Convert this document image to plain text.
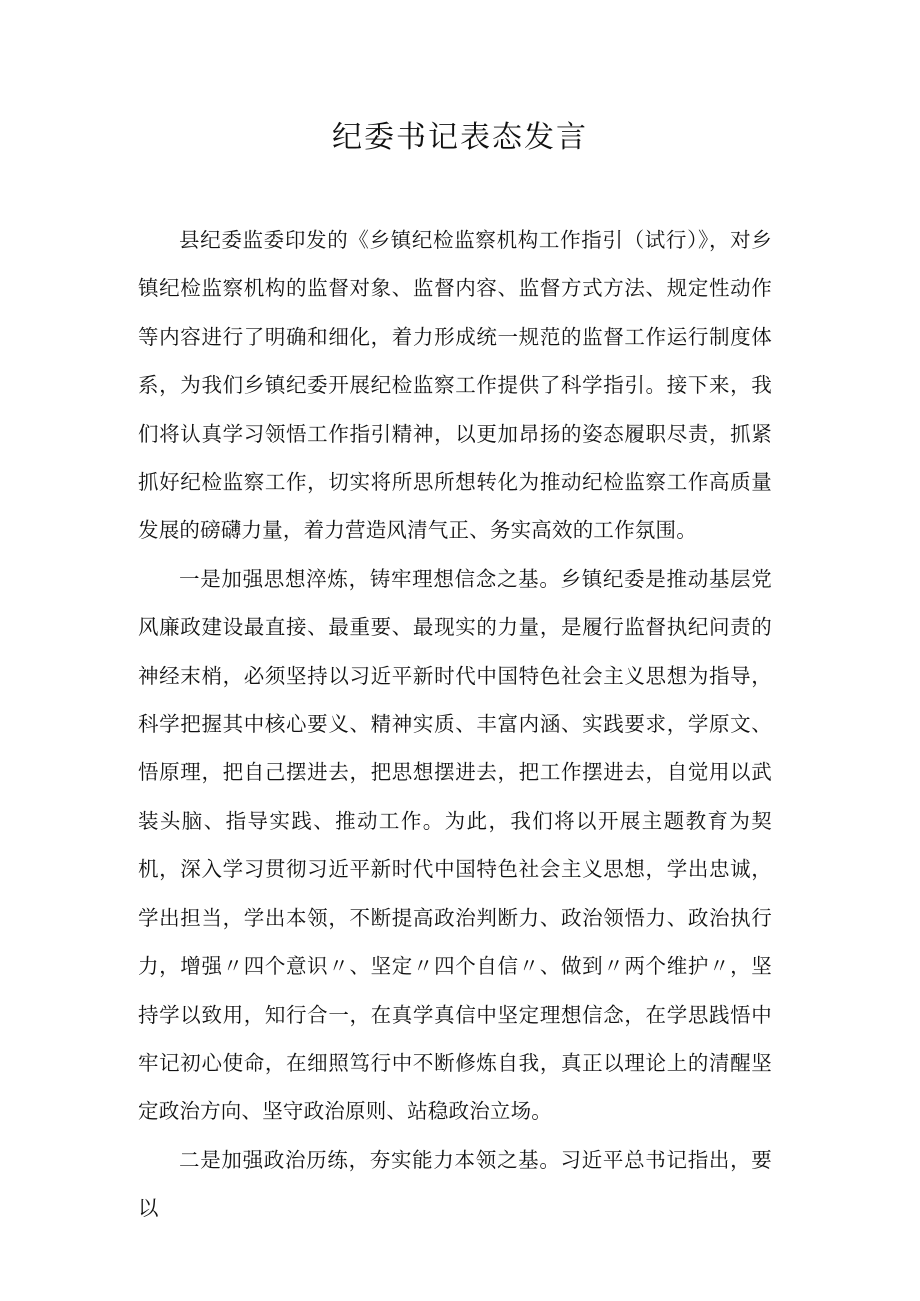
纪委书记表态发言

县纪委监委印发的《乡镇纪检监察机构工作指引（试行）》，对乡镇纪检监察机构的监督对象、监督内容、监督方式方法、规定性动作等内容进行了明确和细化，着力形成统一规范的监督工作运行制度体系，为我们乡镇纪委开展纪检监察工作提供了科学指引。接下来，我们将认真学习领悟工作指引精神，以更加昂扬的姿态履职尽责，抓紧抓好纪检监察工作，切实将所思所想转化为推动纪检监察工作高质量发展的磅礴力量，着力营造风清气正、务实高效的工作氛围。

一是加强思想淬炼，铸牢理想信念之基。乡镇纪委是推动基层党风廉政建设最直接、最重要、最现实的力量，是履行监督执纪问责的神经末梢，必须坚持以习近平新时代中国特色社会主义思想为指导，科学把握其中核心要义、精神实质、丰富内涵、实践要求，学原文、悟原理，把自己摆进去，把思想摆进去，把工作摆进去，自觉用以武装头脑、指导实践、推动工作。为此，我们将以开展主题教育为契机，深入学习贯彻习近平新时代中国特色社会主义思想，学出忠诚，学出担当，学出本领，不断提高政治判断力、政治领悟力、政治执行力，增强〃四个意识〃、坚定〃四个自信〃、做到〃两个维护〃，坚持学以致用，知行合一，在真学真信中坚定理想信念，在学思践悟中牢记初心使命，在细照笃行中不断修炼自我，真正以理论上的清醒坚定政治方向、坚守政治原则、站稳政治立场。

二是加强政治历练，夯实能力本领之基。习近平总书记指出，要以
